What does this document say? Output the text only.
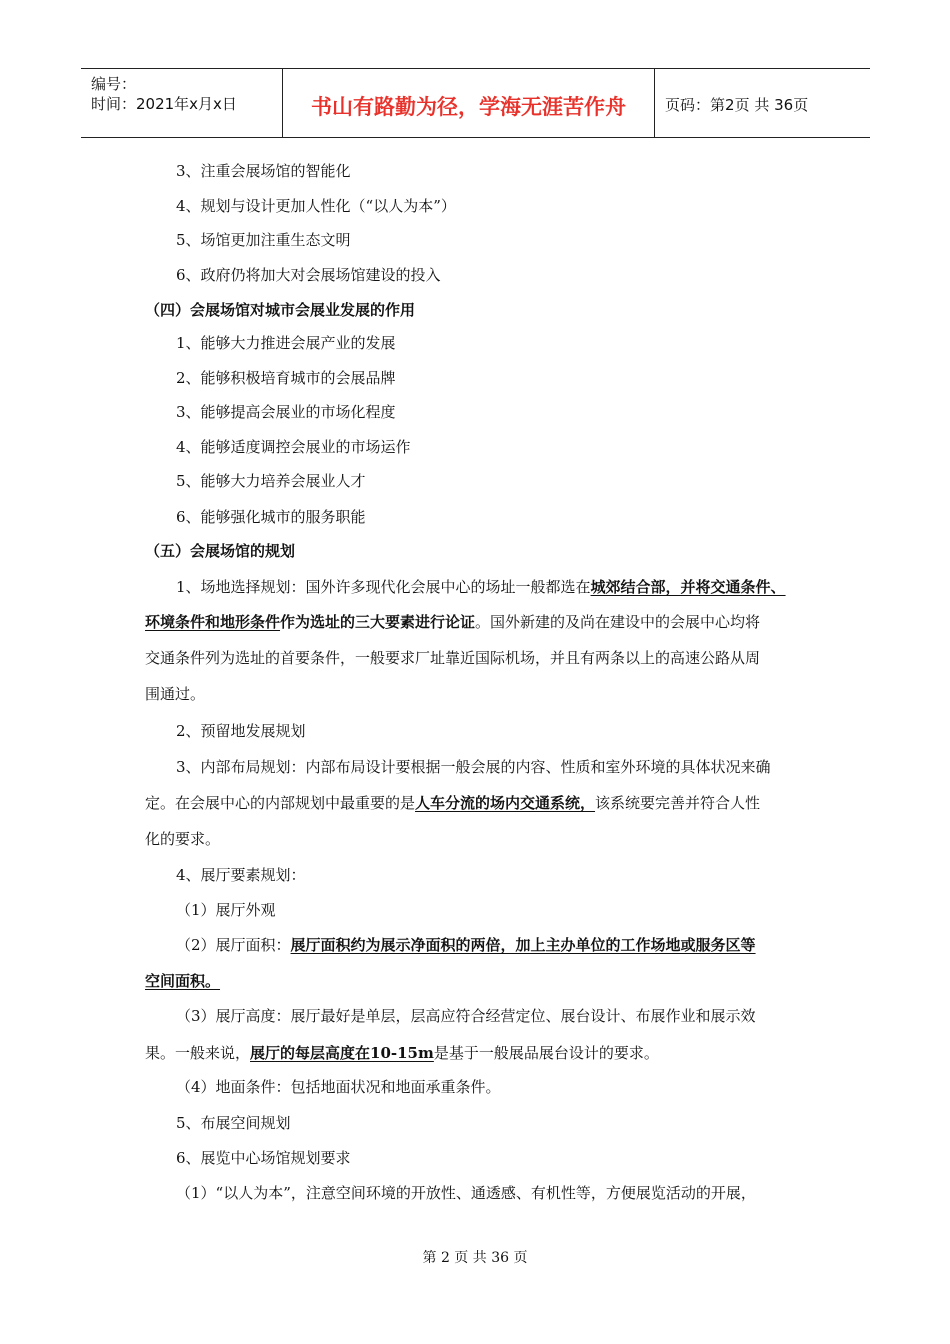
编号：
时间：2021年x月x日	书山有路勤为径，学海无涯苦作舟	页码：第2页 共 36页
3、注重会展场馆的智能化
4、规划与设计更加人性化（“以人为本”）
5、场馆更加注重生态文明
6、政府仍将加大对会展场馆建设的投入
（四）会展场馆对城市会展业发展的作用
1、能够大力推进会展产业的发展
2、能够积极培育城市的会展品牌
3、能够提高会展业的市场化程度
4、能够适度调控会展业的市场运作
5、能够大力培养会展业人才
6、能够强化城市的服务职能
（五）会展场馆的规划
1、场地选择规划：国外许多现代化会展中心的场址一般都选在城郊结合部，并将交通条件、
环境条件和地形条件作为选址的三大要素进行论证。国外新建的及尚在建设中的会展中心均将
交通条件列为选址的首要条件，一般要求厂址靠近国际机场，并且有两条以上的高速公路从周
围通过。
2、预留地发展规划
3、内部布局规划：内部布局设计要根据一般会展的内容、性质和室外环境的具体状况来确
定。在会展中心的内部规划中最重要的是人车分流的场内交通系统，该系统要完善并符合人性
化的要求。
4、展厅要素规划：
（1）展厅外观
（2）展厅面积：展厅面积约为展示净面积的两倍，加上主办单位的工作场地或服务区等
空间面积。
（3）展厅高度：展厅最好是单层，层高应符合经营定位、展台设计、布展作业和展示效
果。一般来说，展厅的每层高度在10-15m是基于一般展品展台设计的要求。
（4）地面条件：包括地面状况和地面承重条件。
5、布展空间规划
6、展览中心场馆规划要求
（1）“以人为本”，注意空间环境的开放性、通透感、有机性等，方便展览活动的开展，
第 2 页 共 36 页
